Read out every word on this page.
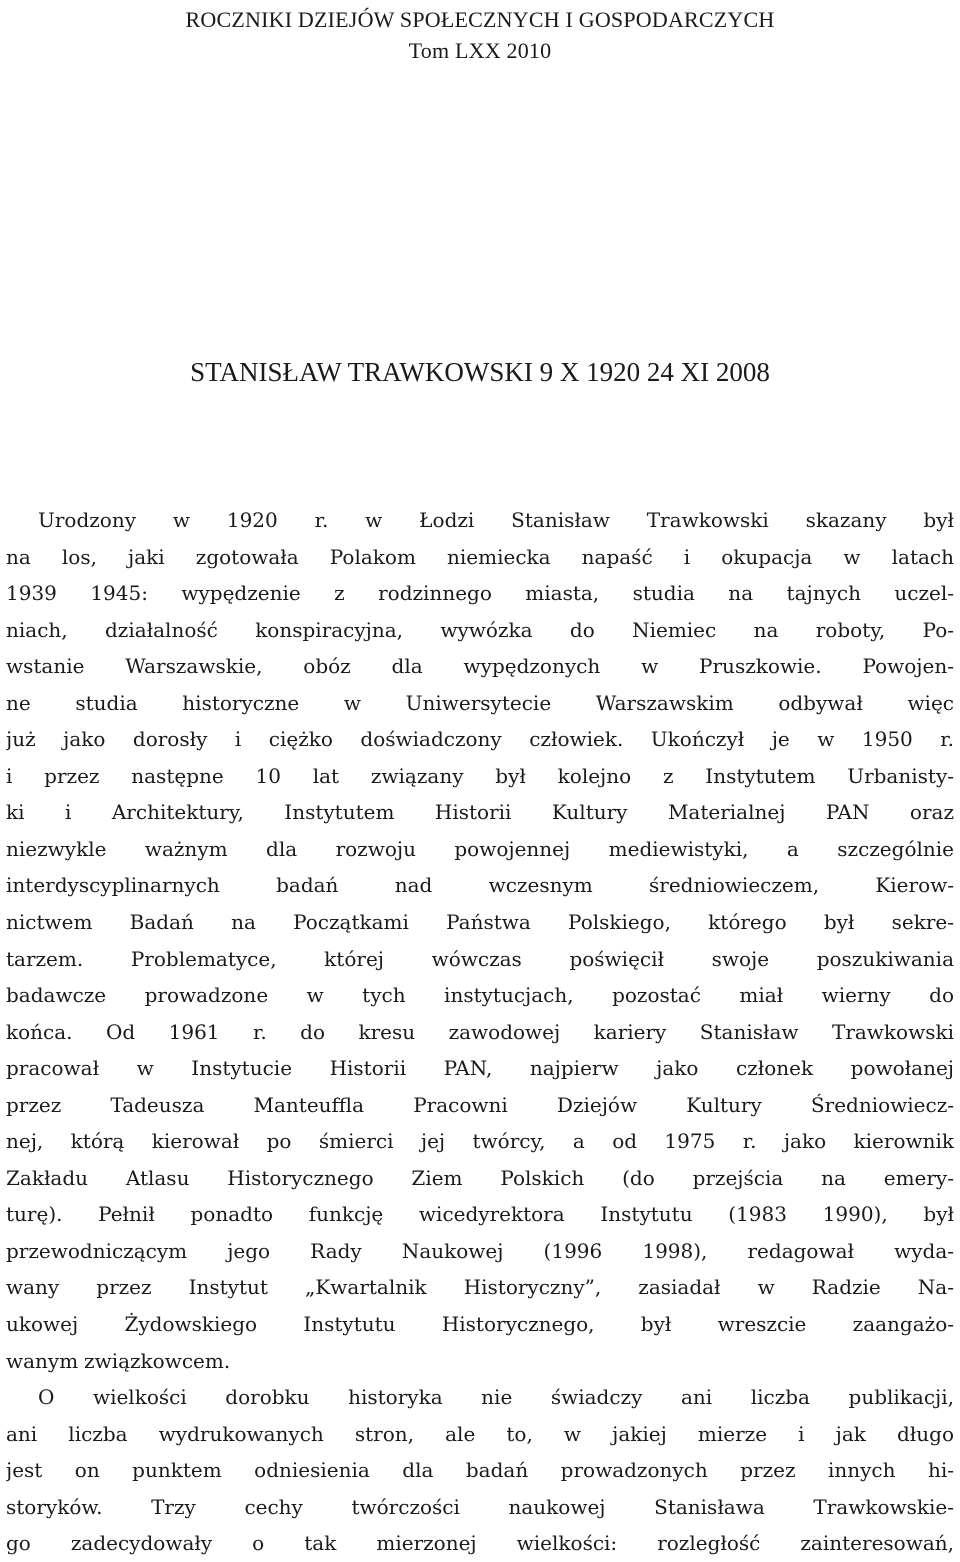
ROCZNIKI DZIEJÓW SPOŁECZNYCH I GOSPODARCZYCH
Tom LXX 2010
STANISŁAW TRAWKOWSKI 9 X 1920 24 XI 2008
Urodzony w 1920 r. w Łodzi Stanisław Trawkowski skazany był
na los, jaki zgotowała Polakom niemiecka napaść i okupacja w latach
1939 1945: wypędzenie z rodzinnego miasta, studia na tajnych uczel-
niach, działalność konspiracyjna, wywózka do Niemiec na roboty, Po-
wstanie Warszawskie, obóz dla wypędzonych w Pruszkowie. Powojen-
ne studia historyczne w Uniwersytecie Warszawskim odbywał więc
już jako dorosły i ciężko doświadczony człowiek. Ukończył je w 1950 r.
i przez następne 10 lat związany był kolejno z Instytutem Urbanisty-
ki i Architektury, Instytutem Historii Kultury Materialnej PAN oraz
niezwykle ważnym dla rozwoju powojennej mediewistyki, a szczególnie
interdyscyplinarnych badań nad wczesnym średniowieczem, Kierow-
nictwem Badań na Początkami Państwa Polskiego, którego był sekre-
tarzem. Problematyce, której wówczas poświęcił swoje poszukiwania
badawcze prowadzone w tych instytucjach, pozostać miał wierny do
końca. Od 1961 r. do kresu zawodowej kariery Stanisław Trawkowski
pracował w Instytucie Historii PAN, najpierw jako członek powołanej
przez Tadeusza Manteuffla Pracowni Dziejów Kultury Średniowiecz-
nej, którą kierował po śmierci jej twórcy, a od 1975 r. jako kierownik
Zakładu Atlasu Historycznego Ziem Polskich (do przejścia na emery-
turę). Pełnił ponadto funkcję wicedyrektora Instytutu (1983 1990), był
przewodniczącym jego Rady Naukowej (1996 1998), redagował wyda-
wany przez Instytut „Kwartalnik Historyczny”, zasiadał w Radzie Na-
ukowej Żydowskiego Instytutu Historycznego, był wreszcie zaangażo-
wanym związkowcem.
O wielkości dorobku historyka nie świadczy ani liczba publikacji,
ani liczba wydrukowanych stron, ale to, w jakiej mierze i jak długo
jest on punktem odniesienia dla badań prowadzonych przez innych hi-
storyków. Trzy cechy twórczości naukowej Stanisława Trawkowskie-
go zadecydowały o tak mierzonej wielkości: rozległość zainteresowań,
